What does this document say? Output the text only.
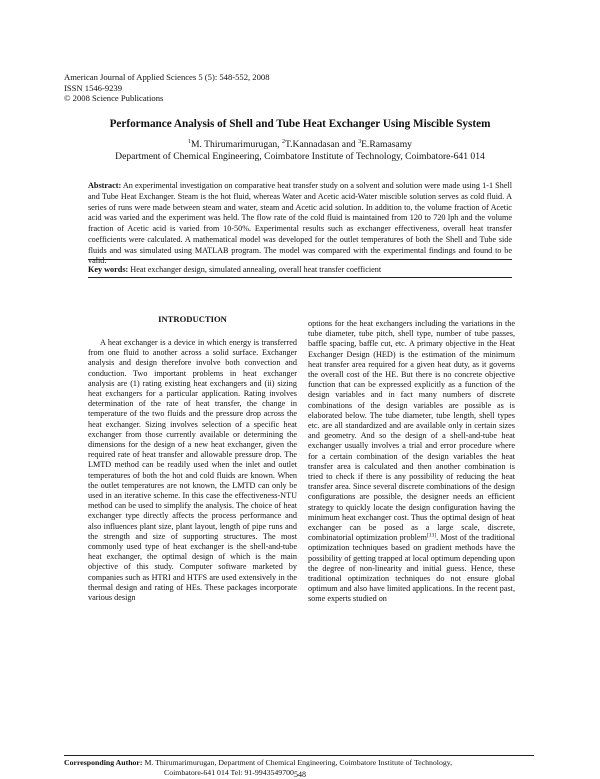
American Journal of Applied Sciences 5 (5): 548-552, 2008
ISSN 1546-9239
© 2008 Science Publications
Performance Analysis of Shell and Tube Heat Exchanger Using Miscible System
$^1$M. Thirumarimurugan, $^2$T.Kannadasan and $^3$E.Ramasamy
Department of Chemical Engineering, Coimbatore Institute of Technology, Coimbatore-641 014
Abstract: An experimental investigation on comparative heat transfer study on a solvent and solution were made using 1-1 Shell and Tube Heat Exchanger. Steam is the hot fluid, whereas Water and Acetic acid-Water miscible solution serves as cold fluid. A series of runs were made between steam and water, steam and Acetic acid solution. In addition to, the volume fraction of Acetic acid was varied and the experiment was held. The flow rate of the cold fluid is maintained from 120 to 720 lph and the volume fraction of Acetic acid is varied from 10-50%. Experimental results such as exchanger effectiveness, overall heat transfer coefficients were calculated. A mathematical model was developed for the outlet temperatures of both the Shell and Tube side fluids and was simulated using MATLAB program. The model was compared with the experimental findings and found to be valid.
Key words: Heat exchanger design, simulated annealing, overall heat transfer coefficient
INTRODUCTION

A heat exchanger is a device in which energy is transferred from one fluid to another across a solid surface. Exchanger analysis and design therefore involve both convection and conduction. Two important problems in heat exchanger analysis are (1) rating existing heat exchangers and (ii) sizing heat exchangers for a particular application. Rating involves determination of the rate of heat transfer, the change in temperature of the two fluids and the pressure drop across the heat exchanger. Sizing involves selection of a specific heat exchanger from those currently available or determining the dimensions for the design of a new heat exchanger, given the required rate of heat transfer and allowable pressure drop. The LMTD method can be readily used when the inlet and outlet temperatures of both the hot and cold fluids are known. When the outlet temperatures are not known, the LMTD can only be used in an iterative scheme. In this case the effectiveness-NTU method can be used to simplify the analysis. The choice of heat exchanger type directly affects the process performance and also influences plant size, plant layout, length of pipe runs and the strength and size of supporting structures. The most commonly used type of heat exchanger is the shell-and-tube heat exchanger, the optimal design of which is the main objective of this study. Computer software marketed by companies such as HTRI and HTFS are used extensively in the thermal design and rating of HEs. These packages incorporate various design

options for the heat exchangers including the variations in the tube diameter, tube pitch, shell type, number of tube passes, baffle spacing, baffle cut, etc. A primary objective in the Heat Exchanger Design (HED) is the estimation of the minimum heat transfer area required for a given heat duty, as it governs the overall cost of the HE. But there is no concrete objective function that can be expressed explicitly as a function of the design variables and in fact many numbers of discrete combinations of the design variables are possible as is elaborated below. The tube diameter, tube length, shell types etc. are all standardized and are available only in certain sizes and geometry. And so the design of a shell-and-tube heat exchanger usually involves a trial and error procedure where for a certain combination of the design variables the heat transfer area is calculated and then another combination is tried to check if there is any possibility of reducing the heat transfer area. Since several discrete combinations of the design configurations are possible, the designer needs an efficient strategy to quickly locate the design configuration having the minimum heat exchanger cost. Thus the optimal design of heat exchanger can be posed as a large scale, discrete, combinatorial optimization problem[13]. Most of the traditional optimization techniques based on gradient methods have the possibility of getting trapped at local optimum depending upon the degree of non-linearity and initial guess. Hence, these traditional optimization techniques do not ensure global optimum and also have limited applications. In the recent past, some experts studied on

Corresponding Author: M. Thirumarimurugan, Department of Chemical Engineering, Coimbatore Institute of Technology,
Coimbatore-641 014 Tel: 91-9943549700 548
